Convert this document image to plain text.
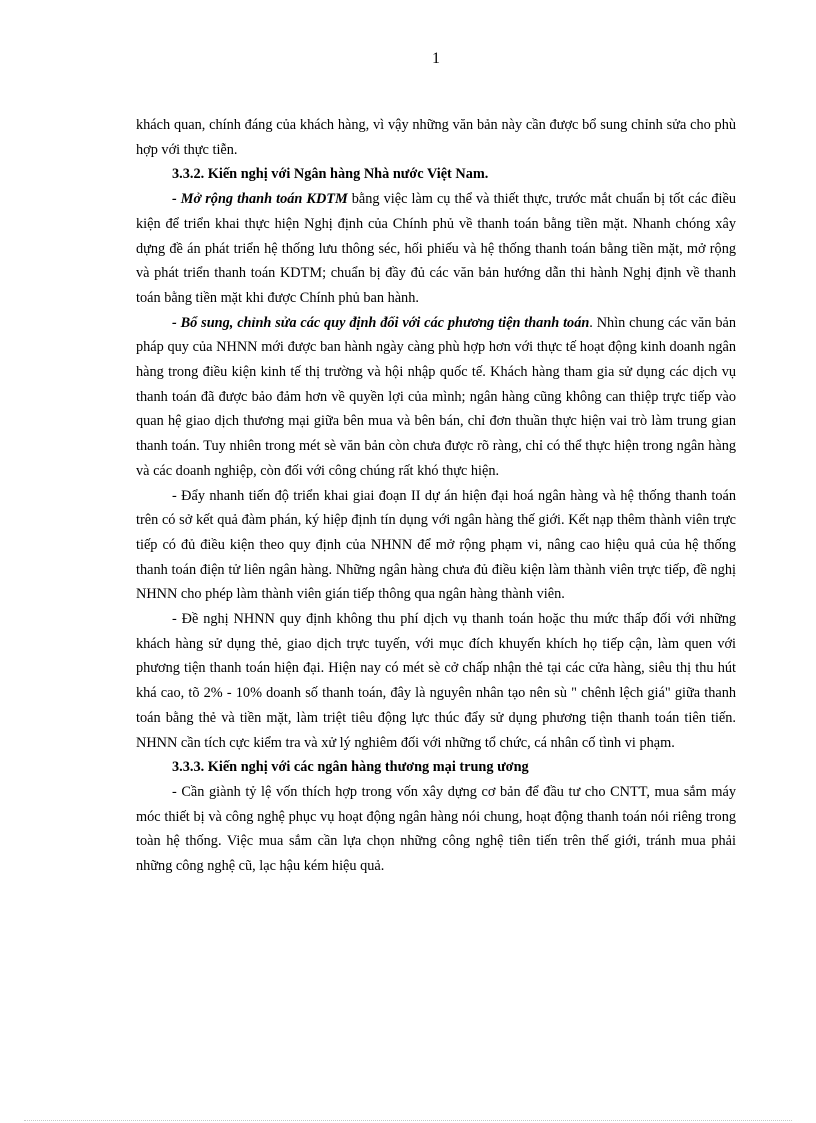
1

khách quan, chính đáng của khách hàng, vì vậy những văn bản này cần được bổ sung chỉnh sửa cho phù hợp với thực tiễn.

3.3.2. Kiến nghị với Ngân hàng Nhà nước Việt Nam.

- Mở rộng thanh toán KDTM bằng việc làm cụ thể và thiết thực, trước mắt chuẩn bị tốt các điều kiện để triển khai thực hiện Nghị định của Chính phủ về thanh toán bằng tiền mặt. Nhanh chóng xây dựng đề án phát triển hệ thống lưu thông séc, hối phiếu và hệ thống thanh toán bằng tiền mặt, mở rộng và phát triển thanh toán KDTM; chuẩn bị đầy đủ các văn bản hướng dẫn thi hành Nghị định về thanh toán bằng tiền mặt khi được Chính phủ ban hành.

- Bổ sung, chỉnh sửa các quy định đối với các phương tiện thanh toán. Nhìn chung các văn bản pháp quy của NHNN mới được ban hành ngày càng phù hợp hơn với thực tế hoạt động kinh doanh ngân hàng trong điều kiện kinh tế thị trường và hội nhập quốc tế. Khách hàng tham gia sử dụng các dịch vụ thanh toán đã được bảo đảm hơn về quyền lợi của mình; ngân hàng cũng không can thiệp trực tiếp vào quan hệ giao dịch thương mại giữa bên mua và bên bán, chỉ đơn thuần thực hiện vai trò làm trung gian thanh toán. Tuy nhiên trong mét sè văn bản còn chưa được rõ ràng, chỉ có thể thực hiện trong ngân hàng và các doanh nghiệp, còn đối với công chúng rất khó thực hiện.

- Đẩy nhanh tiến độ triển khai giai đoạn II dự án hiện đại hoá ngân hàng và hệ thống thanh toán trên có sở kết quả đàm phán, ký hiệp định tín dụng với ngân hàng thế giới. Kết nạp thêm thành viên trực tiếp có đủ điều kiện theo quy định của NHNN để mở rộng phạm vi, nâng cao hiệu quả của hệ thống thanh toán điện tử liên ngân hàng. Những ngân hàng chưa đủ điều kiện làm thành viên trực tiếp, đề nghị NHNN cho phép làm thành viên gián tiếp thông qua ngân hàng thành viên.

- Đề nghị NHNN quy định không thu phí dịch vụ thanh toán hoặc thu mức thấp đối với những khách hàng sử dụng thẻ, giao dịch trực tuyến, với mục đích khuyến khích họ tiếp cận, làm quen với phương tiện thanh toán hiện đại. Hiện nay có mét sè cở chấp nhận thẻ tại các cửa hàng, siêu thị thu hút khá cao, tõ 2% - 10% doanh số thanh toán, đây là nguyên nhân tạo nên sù " chênh lệch giá" giữa thanh toán bằng thẻ và tiền mặt, làm triệt tiêu động lực thúc đẩy sử dụng phương tiện thanh toán tiên tiến. NHNN cần tích cực kiểm tra và xử lý nghiêm đối với những tổ chức, cá nhân cố tình vi phạm.

3.3.3. Kiến nghị với các ngân hàng thương mại trung ương

- Cần giành tỷ lệ vốn thích hợp trong vốn xây dựng cơ bản để đầu tư cho CNTT, mua sắm máy móc thiết bị và công nghệ phục vụ hoạt động ngân hàng nói chung, hoạt động thanh toán nói riêng trong toàn hệ thống. Việc mua sắm cần lựa chọn những công nghệ tiên tiến trên thế giới, tránh mua phải những công nghệ cũ, lạc hậu kém hiệu quả.
